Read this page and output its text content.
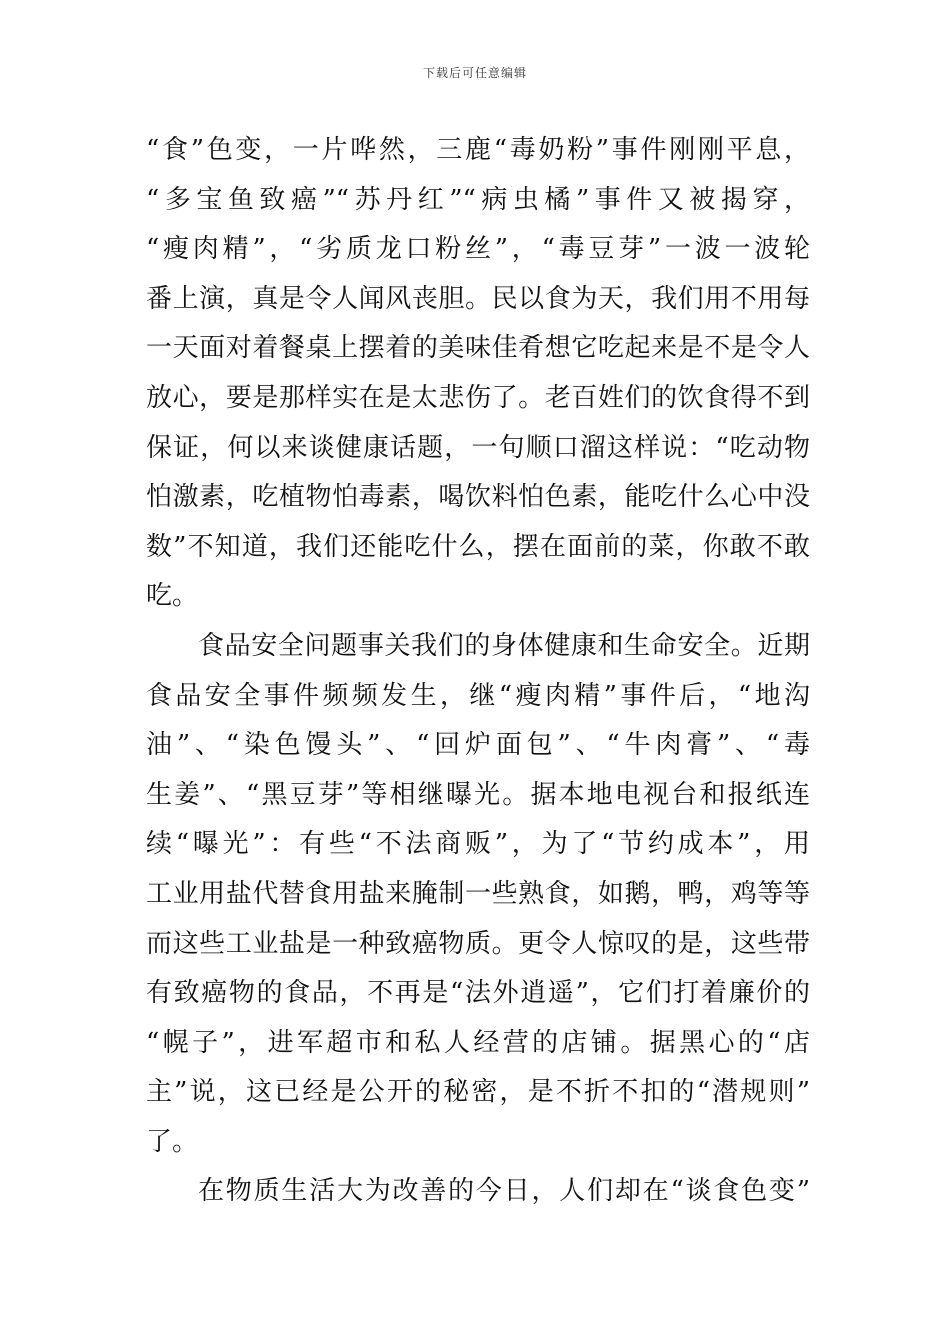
下载后可任意编辑
“食”色变，一片哗然，三鹿“毒奶粉”事件刚刚平息，
“多宝鱼致癌”“苏丹红”“病虫橘”事件又被揭穿，
“瘦肉精”，“劣质龙口粉丝”，“毒豆芽”一波一波轮
番上演，真是令人闻风丧胆。民以食为天，我们用不用每
一天面对着餐桌上摆着的美味佳肴想它吃起来是不是令人
放心，要是那样实在是太悲伤了。老百姓们的饮食得不到
保证，何以来谈健康话题，一句顺口溜这样说：“吃动物
怕激素，吃植物怕毒素，喝饮料怕色素，能吃什么心中没
数”不知道，我们还能吃什么，摆在面前的菜，你敢不敢
吃。
食品安全问题事关我们的身体健康和生命安全。近期
食品安全事件频频发生，继“瘦肉精”事件后，“地沟
油”、“染色馒头”、“回炉面包”、“牛肉膏”、“毒
生姜”、“黑豆芽”等相继曝光。据本地电视台和报纸连
续“曝光”：有些“不法商贩”，为了“节约成本”，用
工业用盐代替食用盐来腌制一些熟食，如鹅，鸭，鸡等等
而这些工业盐是一种致癌物质。更令人惊叹的是，这些带
有致癌物的食品，不再是“法外逍遥”，它们打着廉价的
“幌子”，进军超市和私人经营的店铺。据黑心的“店
主”说，这已经是公开的秘密，是不折不扣的“潜规则”
了。
在物质生活大为改善的今日，人们却在“谈食色变”
